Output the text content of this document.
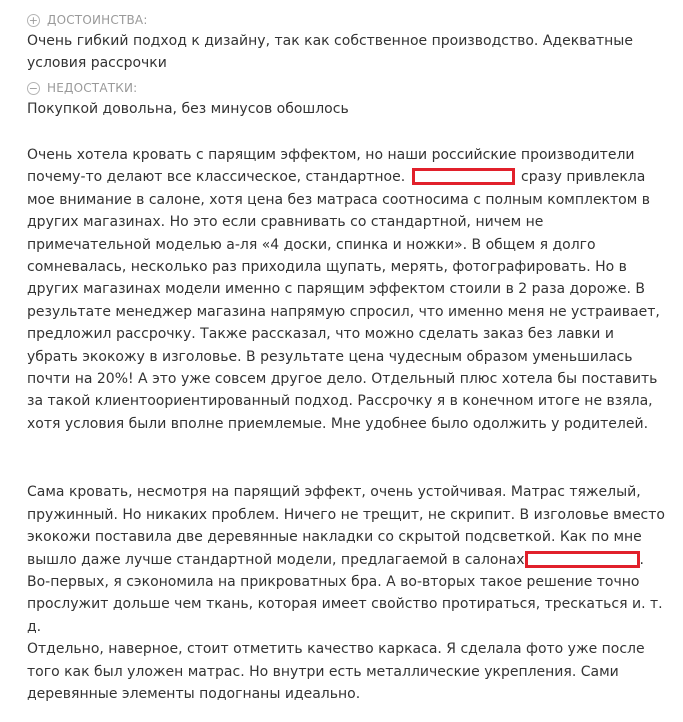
+ ДОСТОИНСТВА:

Очень гибкий подход к дизайну, так как собственное производство. Адекватные условия рассрочки

− НЕДОСТАТКИ:

Покупкой довольна, без минусов обошлось

Очень хотела кровать с парящим эффектом, но наши российские производители почему-то делают все классическое, стандартное.	сразу привлекла мое внимание в салоне, хотя цена без матраса соотносима с полным комплектом в других магазинах. Но это если сравнивать со стандартной, ничем не примечательной моделью а-ля «4 доски, спинка и ножки». В общем я долго сомневалась, несколько раз приходила щупать, мерять, фотографировать. Но в других магазинах модели именно с парящим эффектом стоили в 2 раза дороже. В результате менеджер магазина напрямую спросил, что именно меня не устраивает, предложил рассрочку. Также рассказал, что можно сделать заказ без лавки и убрать экокожу в изголовье. В результате цена чудесным образом уменьшилась почти на 20%! А это уже совсем другое дело. Отдельный плюс хотела бы поставить за такой клиентоориентированный подход. Рассрочку я в конечном итоге не взяла, хотя условия были вполне приемлемые. Мне удобнее было одолжить у родителей.

Сама кровать, несмотря на парящий эффект, очень устойчивая. Матрас тяжелый, пружинный. Но никаких проблем. Ничего не трещит, не скрипит. В изголовье вместо экокожи поставила две деревянные накладки со скрытой подсветкой. Как по мне вышло даже лучше стандартной модели, предлагаемой в салонах	. Во-первых, я сэкономила на прикроватных бра. А во-вторых такое решение точно прослужит дольше чем ткань, которая имеет свойство протираться, трескаться и. т. д.

Отдельно, наверное, стоит отметить качество каркаса. Я сделала фото уже после того как был уложен матрас. Но внутри есть металлические укрепления. Сами деревянные элементы подогнаны идеально.
